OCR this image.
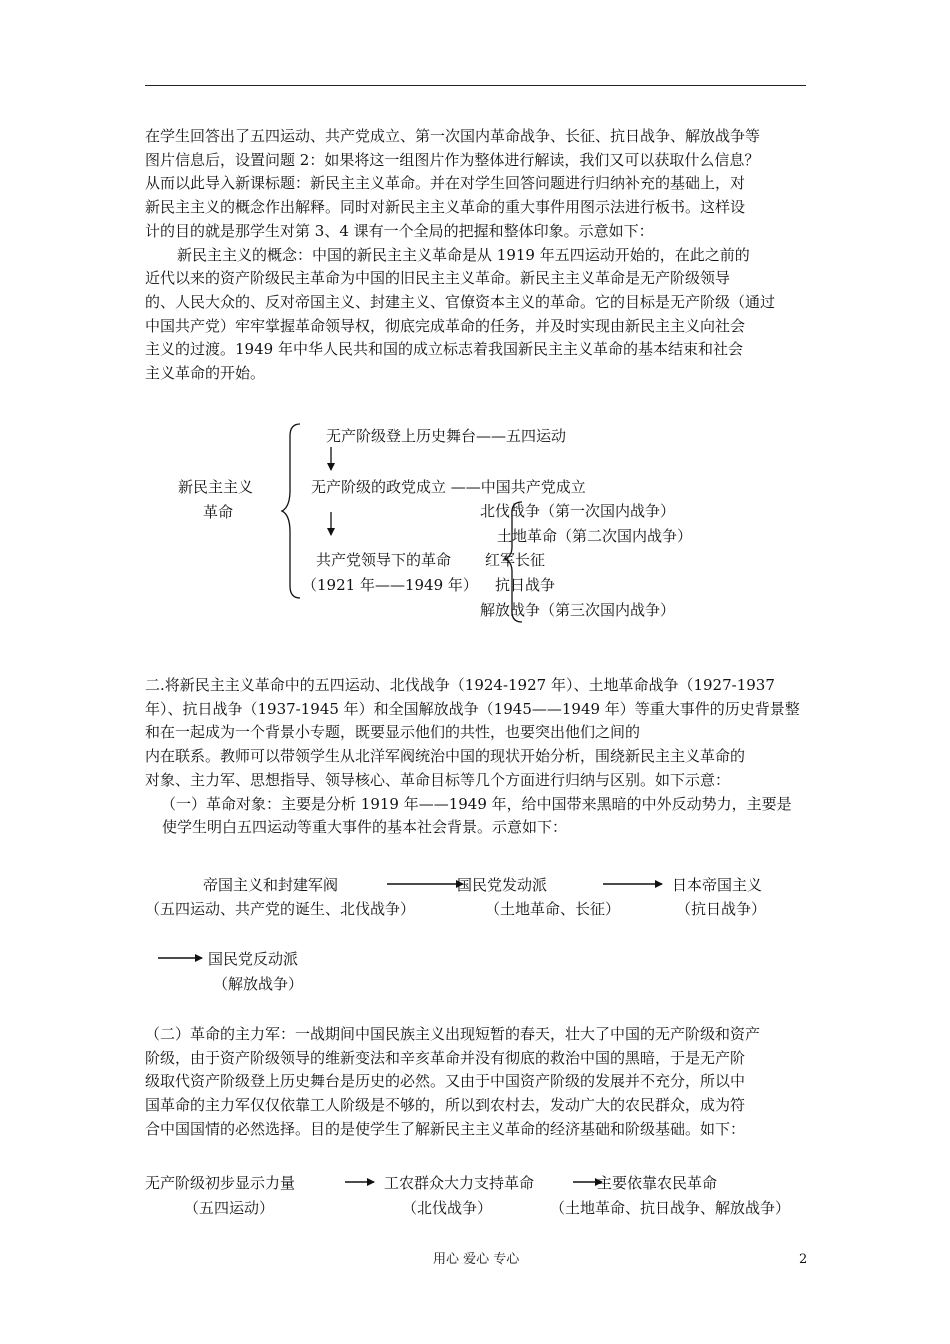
在学生回答出了五四运动、共产党成立、第一次国内革命战争、长征、抗日战争、解放战争等
图片信息后，设置问题 2：如果将这一组图片作为整体进行解读，我们又可以获取什么信息？
从而以此导入新课标题：新民主主义革命。并在对学生回答问题进行归纳补充的基础上，对
新民主主义的概念作出解释。同时对新民主主义革命的重大事件用图示法进行板书。这样设
计的目的就是那学生对第 3、4 课有一个全局的把握和整体印象。示意如下：
新民主主义的概念：中国的新民主主义革命是从 1919 年五四运动开始的，在此之前的
近代以来的资产阶级民主革命为中国的旧民主主义革命。新民主主义革命是无产阶级领导
的、人民大众的、反对帝国主义、封建主义、官僚资本主义的革命。它的目标是无产阶级（通过
中国共产党）牢牢掌握革命领导权，彻底完成革命的任务，并及时实现由新民主主义向社会
主义的过渡。1949 年中华人民共和国的成立标志着我国新民主主义革命的基本结束和社会
主义革命的开始。
新民主主义
革命
无产阶级登上历史舞台——五四运动
无产阶级的政党成立 ——中国共产党成立
共产党领导下的革命
（1921 年——1949 年）
北伐战争（第一次国内战争）
土地革命（第二次国内战争）
红军长征
抗日战争
解放战争（第三次国内战争）
二.将新民主主义革命中的五四运动、北伐战争（1924-1927 年）、土地革命战争（1927-1937
年）、抗日战争（1937-1945 年）和全国解放战争（1945——1949 年）等重大事件的历史背景整
和在一起成为一个背景小专题，既要显示他们的共性，也要突出他们之间的
内在联系。教师可以带领学生从北洋军阀统治中国的现状开始分析，围绕新民主主义革命的
对象、主力军、思想指导、领导核心、革命目标等几个方面进行归纳与区别。如下示意：
（一）革命对象：主要是分析 1919 年——1949 年，给中国带来黑暗的中外反动势力，主要是
使学生明白五四运动等重大事件的基本社会背景。示意如下：
帝国主义和封建军阀
（五四运动、共产党的诞生、北伐战争）
国民党发动派
（土地革命、长征）
日本帝国主义
（抗日战争）
国民党反动派
（解放战争）
（二）革命的主力军：一战期间中国民族主义出现短暂的春天，壮大了中国的无产阶级和资产
阶级，由于资产阶级领导的维新变法和辛亥革命并没有彻底的救治中国的黑暗，于是无产阶
级取代资产阶级登上历史舞台是历史的必然。又由于中国资产阶级的发展并不充分，所以中
国革命的主力军仅仅依靠工人阶级是不够的，所以到农村去，发动广大的农民群众，成为符
合中国国情的必然选择。目的是使学生了解新民主主义革命的经济基础和阶级基础。如下：
无产阶级初步显示力量
（五四运动）
工农群众大力支持革命
（北伐战争）
主要依靠农民革命
（土地革命、抗日战争、解放战争）
用心 爱心 专心	2
